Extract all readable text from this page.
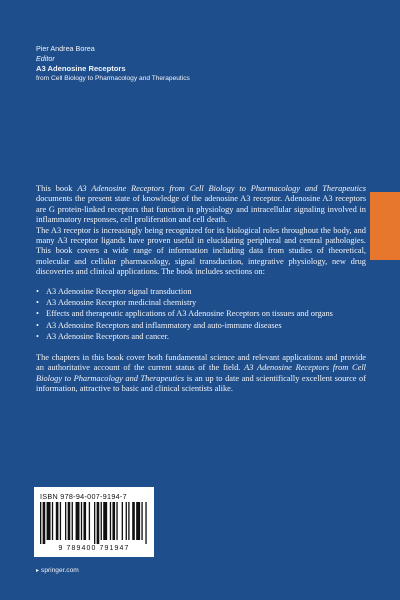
Pier Andrea Borea
Editor
A3 Adenosine Receptors
from Cell Biology to Pharmacology and Therapeutics

This book A3 Adenosine Receptors from Cell Biology to Pharmacology and Therapeutics documents the present state of knowledge of the adenosine A3 receptor. Adenosine A3 receptors are G protein-linked receptors that function in physiology and intracellular signaling involved in inflammatory responses, cell proliferation and cell death.

The A3 receptor is increasingly being recognized for its biological roles throughout the body, and many A3 receptor ligands have proven useful in elucidating peripheral and central pathologies. This book covers a wide range of information including data from studies of theoretical, molecular and cellular pharmacology, signal transduction, integrative physiology, new drug discoveries and clinical applications. The book includes sections on:

• A3 Adenosine Receptor signal transduction
• A3 Adenosine Receptor medicinal chemistry
• Effects and therapeutic applications of A3 Adenosine Receptors on tissues and organs
• A3 Adenosine Receptors and inflammatory and auto-immune diseases
• A3 Adenosine Receptors and cancer.

The chapters in this book cover both fundamental science and relevant applications and provide an authoritative account of the current status of the field. A3 Adenosine Receptors from Cell Biology to Pharmacology and Therapeutics is an up to date and scientifically excellent source of information, attractive to basic and clinical scientists alike.

ISBN 978-94-007-9194-7
9 789400 791947
▸ springer.com
